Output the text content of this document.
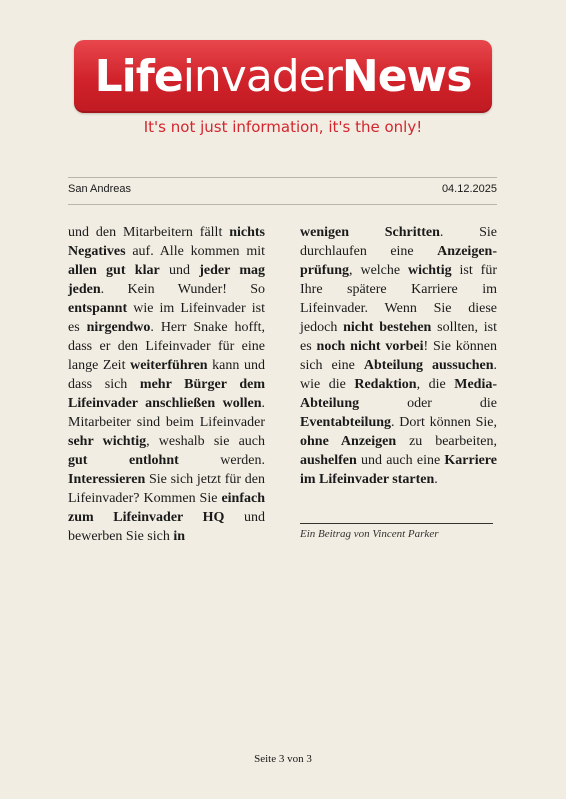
Life invader News
It's not just information, it's the only!
San Andreas	04.12.2025

und den Mitarbeitern fällt nichts Negatives auf. Alle kommen mit allen gut klar und jeder mag jeden. Kein Wunder! So entspannt wie im Lifeinvader ist es nirgendwo. Herr Snake hofft, dass er den Lifeinvader für eine lange Zeit weiterführen kann und dass sich mehr Bürger dem Lifeinvader anschließen wollen. Mitarbeiter sind beim Lifeinvader sehr wichtig, weshalb sie auch gut entlohnt werden. Interessieren Sie sich jetzt für den Lifeinvader? Kommen Sie einfach zum Lifeinvader HQ und bewerben Sie sich in

wenigen Schritten. Sie durchlaufen eine Anzeigen-prüfung, welche wichtig ist für Ihre spätere Karriere im Lifeinvader. Wenn Sie diese jedoch nicht bestehen sollten, ist es noch nicht vorbei! Sie können sich eine Abteilung aussuchen. wie die Redaktion, die Media-Abteilung oder die Eventabteilung. Dort können Sie, ohne Anzeigen zu bearbeiten, aushelfen und auch eine Karriere im Lifeinvader starten.

Ein Beitrag von Vincent Parker
Seite 3 von 3
